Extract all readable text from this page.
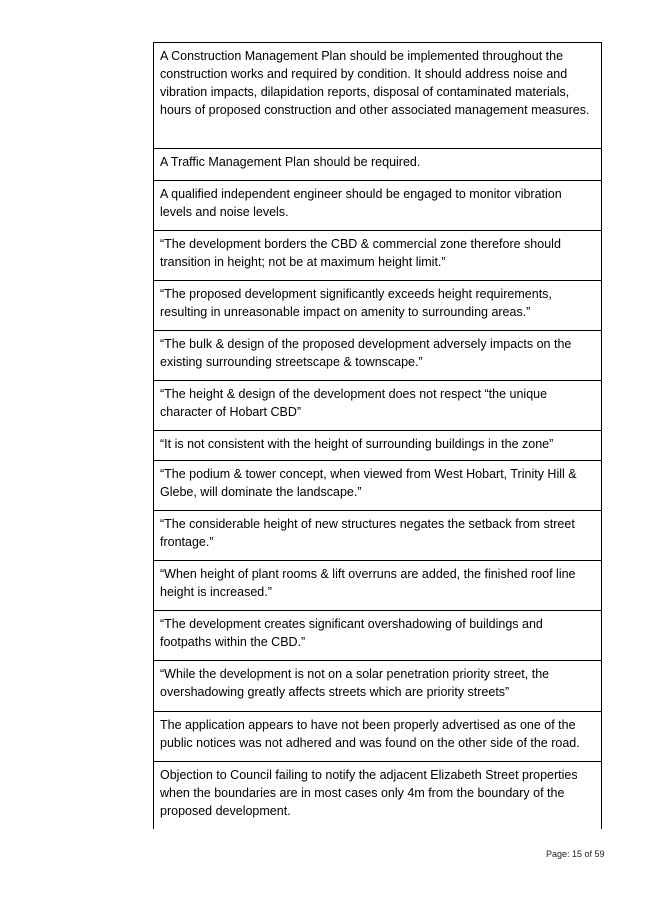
A Construction Management Plan should be implemented throughout the construction works and required by condition. It should address noise and vibration impacts, dilapidation reports, disposal of contaminated materials, hours of proposed construction and other associated management measures.
A Traffic Management Plan should be required.
A qualified independent engineer should be engaged to monitor vibration levels and noise levels.
“The development borders the CBD & commercial zone therefore should transition in height; not be at maximum height limit.”
“The proposed development significantly exceeds height requirements, resulting in unreasonable impact on amenity to surrounding areas.”
“The bulk & design of the proposed development adversely impacts on the existing surrounding streetscape & townscape.”
“The height & design of the development does not respect “the unique character of Hobart CBD”
“It is not consistent with the height of surrounding buildings in the zone”
“The podium & tower concept, when viewed from West Hobart, Trinity Hill & Glebe, will dominate the landscape.”
“The considerable height of new structures negates the setback from street frontage.”
“When height of plant rooms & lift overruns are added, the finished roof line height is increased.”
“The development creates significant overshadowing of buildings and footpaths within the CBD.”
“While the development is not on a solar penetration priority street, the overshadowing greatly affects streets which are priority streets”
The application appears to have not been properly advertised as one of the public notices was not adhered and was found on the other side of the road.
Objection to Council failing to notify the adjacent Elizabeth Street properties when the boundaries are in most cases only 4m from the boundary of the proposed development.
Page: 15 of 59
